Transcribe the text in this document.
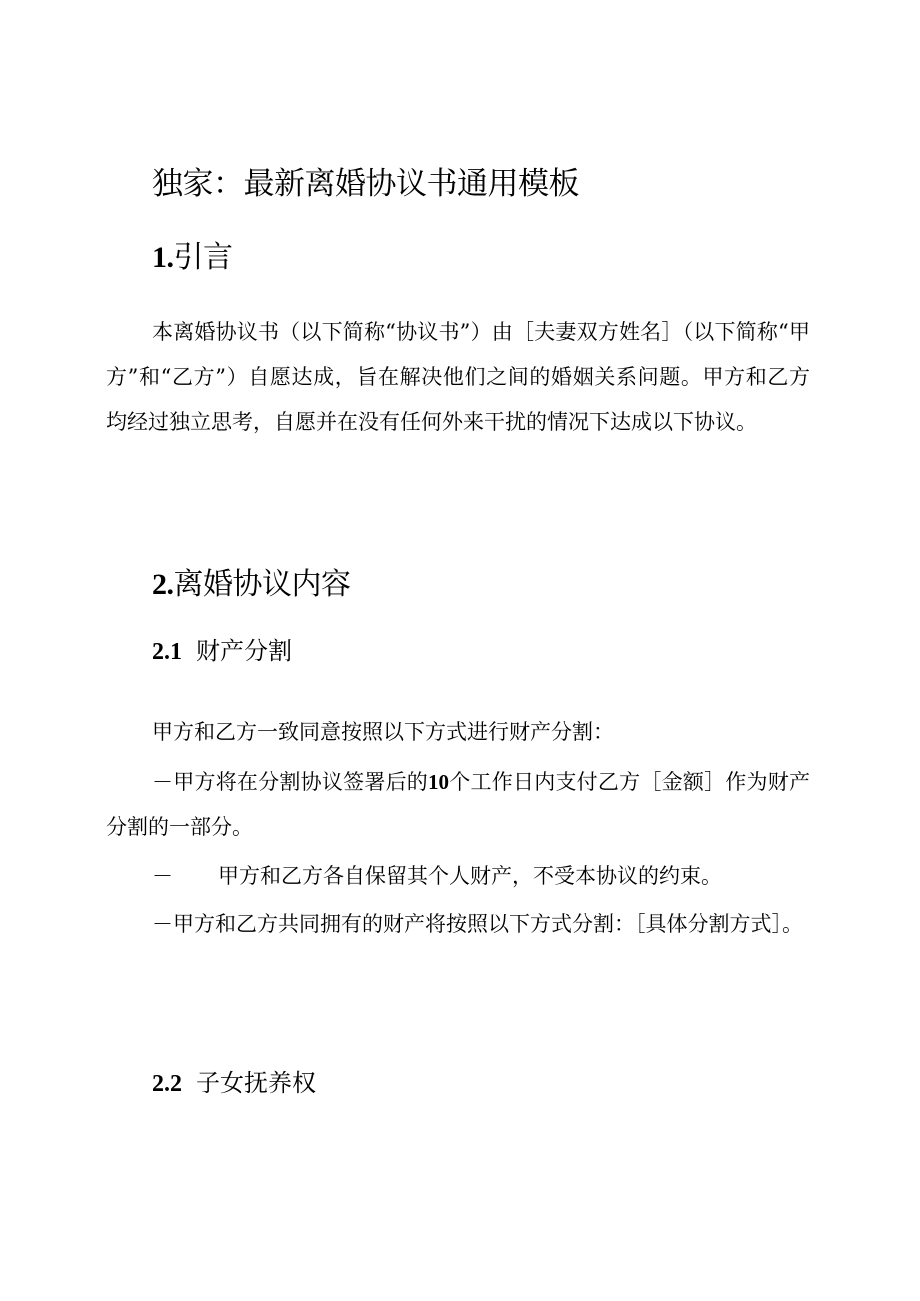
独家：最新离婚协议书通用模板
1.引言

本离婚协议书（以下简称“协议书”）由［夫妻双方姓名］（以下简称“甲方”和“乙方”）自愿达成，旨在解决他们之间的婚姻关系问题。甲方和乙方均经过独立思考，自愿并在没有任何外来干扰的情况下达成以下协议。

2.离婚协议内容
2.1 财产分割

甲方和乙方一致同意按照以下方式进行财产分割：

－甲方将在分割协议签署后的10个工作日内支付乙方［金额］作为财产分割的一部分。

－ 甲方和乙方各自保留其个人财产，不受本协议的约束。

－甲方和乙方共同拥有的财产将按照以下方式分割：［具体分割方式］。

2.2 子女抚养权
